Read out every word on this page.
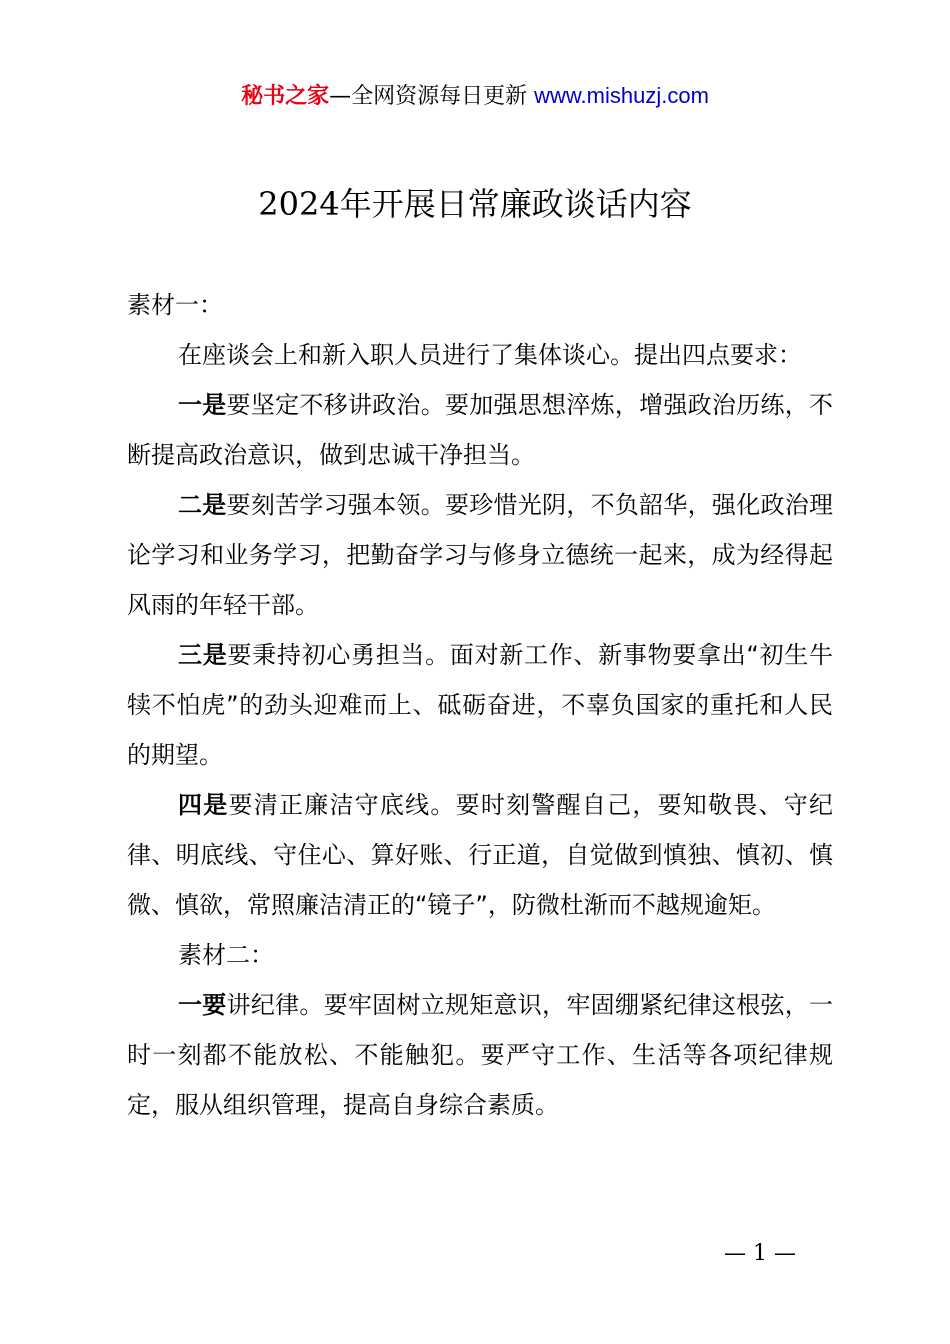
秘书之家—全网资源每日更新 www.mishuzj.com
2024年开展日常廉政谈话内容

素材一：

在座谈会上和新入职人员进行了集体谈心。提出四点要求：

一是要坚定不移讲政治。要加强思想淬炼，增强政治历练，不断提高政治意识，做到忠诚干净担当。

二是要刻苦学习强本领。要珍惜光阴，不负韶华，强化政治理论学习和业务学习，把勤奋学习与修身立德统一起来，成为经得起风雨的年轻干部。

三是要秉持初心勇担当。面对新工作、新事物要拿出“初生牛犊不怕虎”的劲头迎难而上、砥砺奋进，不辜负国家的重托和人民的期望。

四是要清正廉洁守底线。要时刻警醒自己，要知敬畏、守纪律、明底线、守住心、算好账、行正道，自觉做到慎独、慎初、慎微、慎欲，常照廉洁清正的“镜子”，防微杜渐而不越规逾矩。

素材二：

一要讲纪律。要牢固树立规矩意识，牢固绷紧纪律这根弦，一时一刻都不能放松、不能触犯。要严守工作、生活等各项纪律规定，服从组织管理，提高自身综合素质。

— 1 —
